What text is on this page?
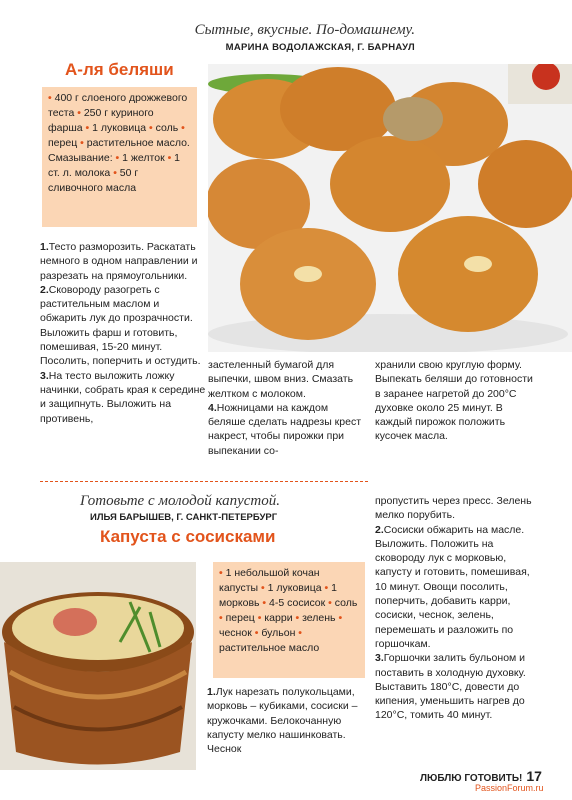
Сытные, вкусные. По-домашнему.
МАРИНА ВОДОЛАЖСКАЯ, Г. БАРНАУЛ
А-ля беляши
• 400 г слоеного дрожжевого теста • 250 г куриного фарша • 1 луковица • соль • перец • растительное масло. Смазывание: • 1 желток • 1 ст. л. молока • 50 г сливочного масла
1.Тесто разморозить. Раскатать немного в одном направлении и разрезать на прямоугольники.
2.Сковороду разогреть с растительным маслом и обжарить лук до прозрачности. Выложить фарш и готовить, помешивая, 15-20 минут. Посолить, поперчить и остудить.
3.На тесто выложить ложку начинки, собрать края к середине и защипнуть. Выложить на противень,
застеленный бумагой для выпечки, швом вниз. Смазать желтком с молоком.
4.Ножницами на каждом беляше сделать надрезы крест накрест, чтобы пирожки при выпекании со-
хранили свою круглую форму. Выпекать беляши до готовности в заранее нагретой до 200°С духовке около 25 минут. В каждый пирожок положить кусочек масла.
Готовьте с молодой капустой.
ИЛЬЯ БАРЫШЕВ, Г. САНКТ-ПЕТЕРБУРГ
Капуста с сосисками
пропустить через пресс. Зелень мелко порубить.
2.Сосиски обжарить на масле. Выложить. Положить на сковороду лук с морковью, капусту и готовить, помешивая, 10 минут. Овощи посолить, поперчить, добавить карри, сосиски, чеснок, зелень, перемешать и разложить по горшочкам.
3.Горшочки залить бульоном и поставить в холодную духовку. Выставить 180°С, довести до кипения, уменьшить нагрев до 120°С, томить 40 минут.
• 1 небольшой кочан капусты • 1 луковица • 1 морковь • 4-5 сосисок • соль • перец • карри • зелень • чеснок • бульон • растительное масло
1.Лук нарезать полукольцами, морковь – кубиками, сосиски – кружочками. Белокочанную капусту мелко нашинковать. Чеснок
ЛЮБЛЮ ГОТОВИТЬ! 17
PassionForum.ru
